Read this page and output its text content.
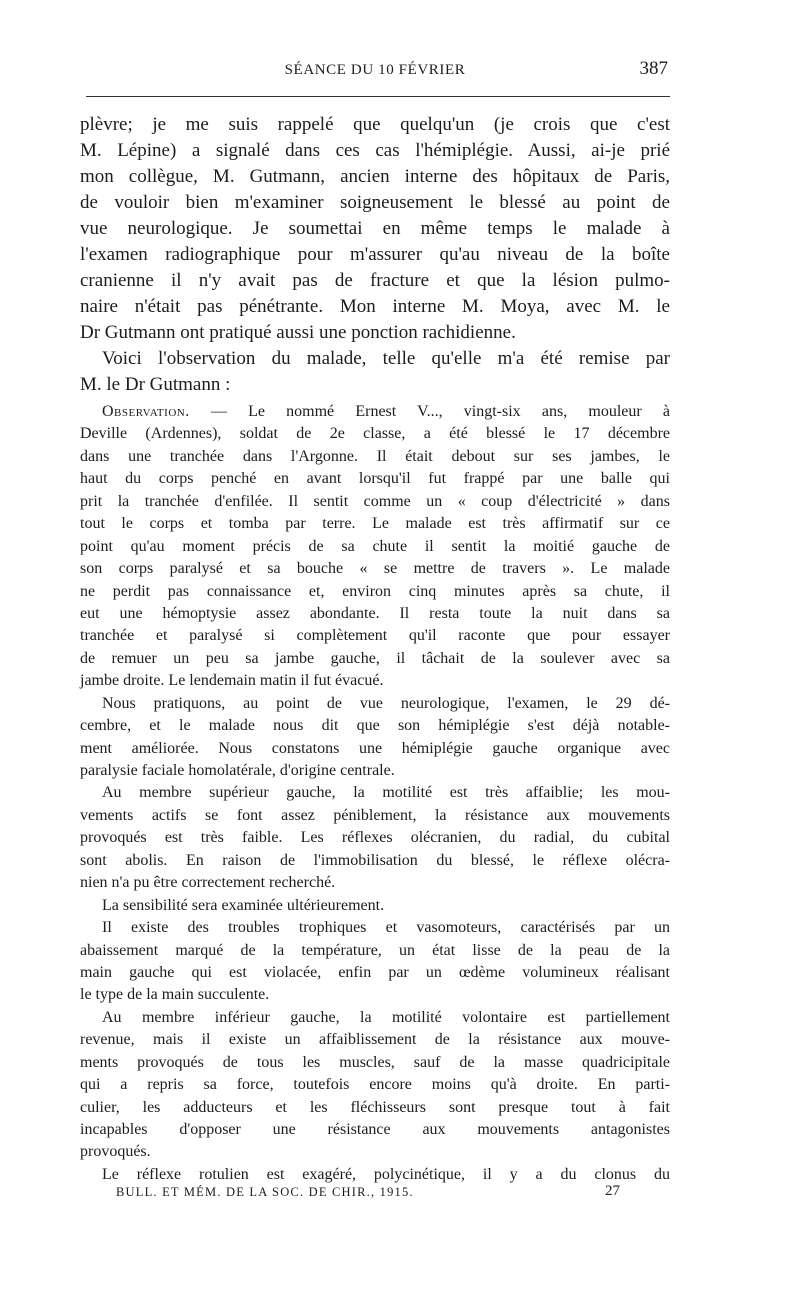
SÉANCE DU 10 FÉVRIER	387
plèvre; je me suis rappelé que quelqu'un (je crois que c'est
M. Lépine) a signalé dans ces cas l'hémiplégie. Aussi, ai-je prié
mon collègue, M. Gutmann, ancien interne des hôpitaux de Paris,
de vouloir bien m'examiner soigneusement le blessé au point de
vue neurologique. Je soumettai en même temps le malade à
l'examen radiographique pour m'assurer qu'au niveau de la boîte
cranienne il n'y avait pas de fracture et que la lésion pulmo-
naire n'était pas pénétrante. Mon interne M. Moya, avec M. le
Dr Gutmann ont pratiqué aussi une ponction rachidienne.
Voici l'observation du malade, telle qu'elle m'a été remise par
M. le Dr Gutmann :
Observation. — Le nommé Ernest V..., vingt-six ans, mouleur à
Deville (Ardennes), soldat de 2e classe, a été blessé le 17 décembre
dans une tranchée dans l'Argonne. Il était debout sur ses jambes, le
haut du corps penché en avant lorsqu'il fut frappé par une balle qui
prit la tranchée d'enfilée. Il sentit comme un « coup d'électricité » dans
tout le corps et tomba par terre. Le malade est très affirmatif sur ce
point qu'au moment précis de sa chute il sentit la moitié gauche de
son corps paralysé et sa bouche « se mettre de travers ». Le malade
ne perdit pas connaissance et, environ cinq minutes après sa chute, il
eut une hémoptysie assez abondante. Il resta toute la nuit dans sa
tranchée et paralysé si complètement qu'il raconte que pour essayer
de remuer un peu sa jambe gauche, il tâchait de la soulever avec sa
jambe droite. Le lendemain matin il fut évacué.
Nous pratiquons, au point de vue neurologique, l'examen, le 29 dé-
cembre, et le malade nous dit que son hémiplégie s'est déjà notable-
ment améliorée. Nous constatons une hémiplégie gauche organique avec
paralysie faciale homolatérale, d'origine centrale.
Au membre supérieur gauche, la motilité est très affaiblie; les mou-
vements actifs se font assez péniblement, la résistance aux mouvements
provoqués est très faible. Les réflexes olécranien, du radial, du cubital
sont abolis. En raison de l'immobilisation du blessé, le réflexe olécra-
nien n'a pu être correctement recherché.
La sensibilité sera examinée ultérieurement.
Il existe des troubles trophiques et vasomoteurs, caractérisés par un
abaissement marqué de la température, un état lisse de la peau de la
main gauche qui est violacée, enfin par un œdème volumineux réalisant
le type de la main succulente.
Au membre inférieur gauche, la motilité volontaire est partiellement
revenue, mais il existe un affaiblissement de la résistance aux mouve-
ments provoqués de tous les muscles, sauf de la masse quadricipitale
qui a repris sa force, toutefois encore moins qu'à droite. En parti-
culier, les adducteurs et les fléchisseurs sont presque tout à fait
incapables d'opposer une résistance aux mouvements antagonistes
provoqués.
Le réflexe rotulien est exagéré, polycinétique, il y a du clonus du
BULL. ET MÉM. DE LA SOC. DE CHIR., 1915.	27
